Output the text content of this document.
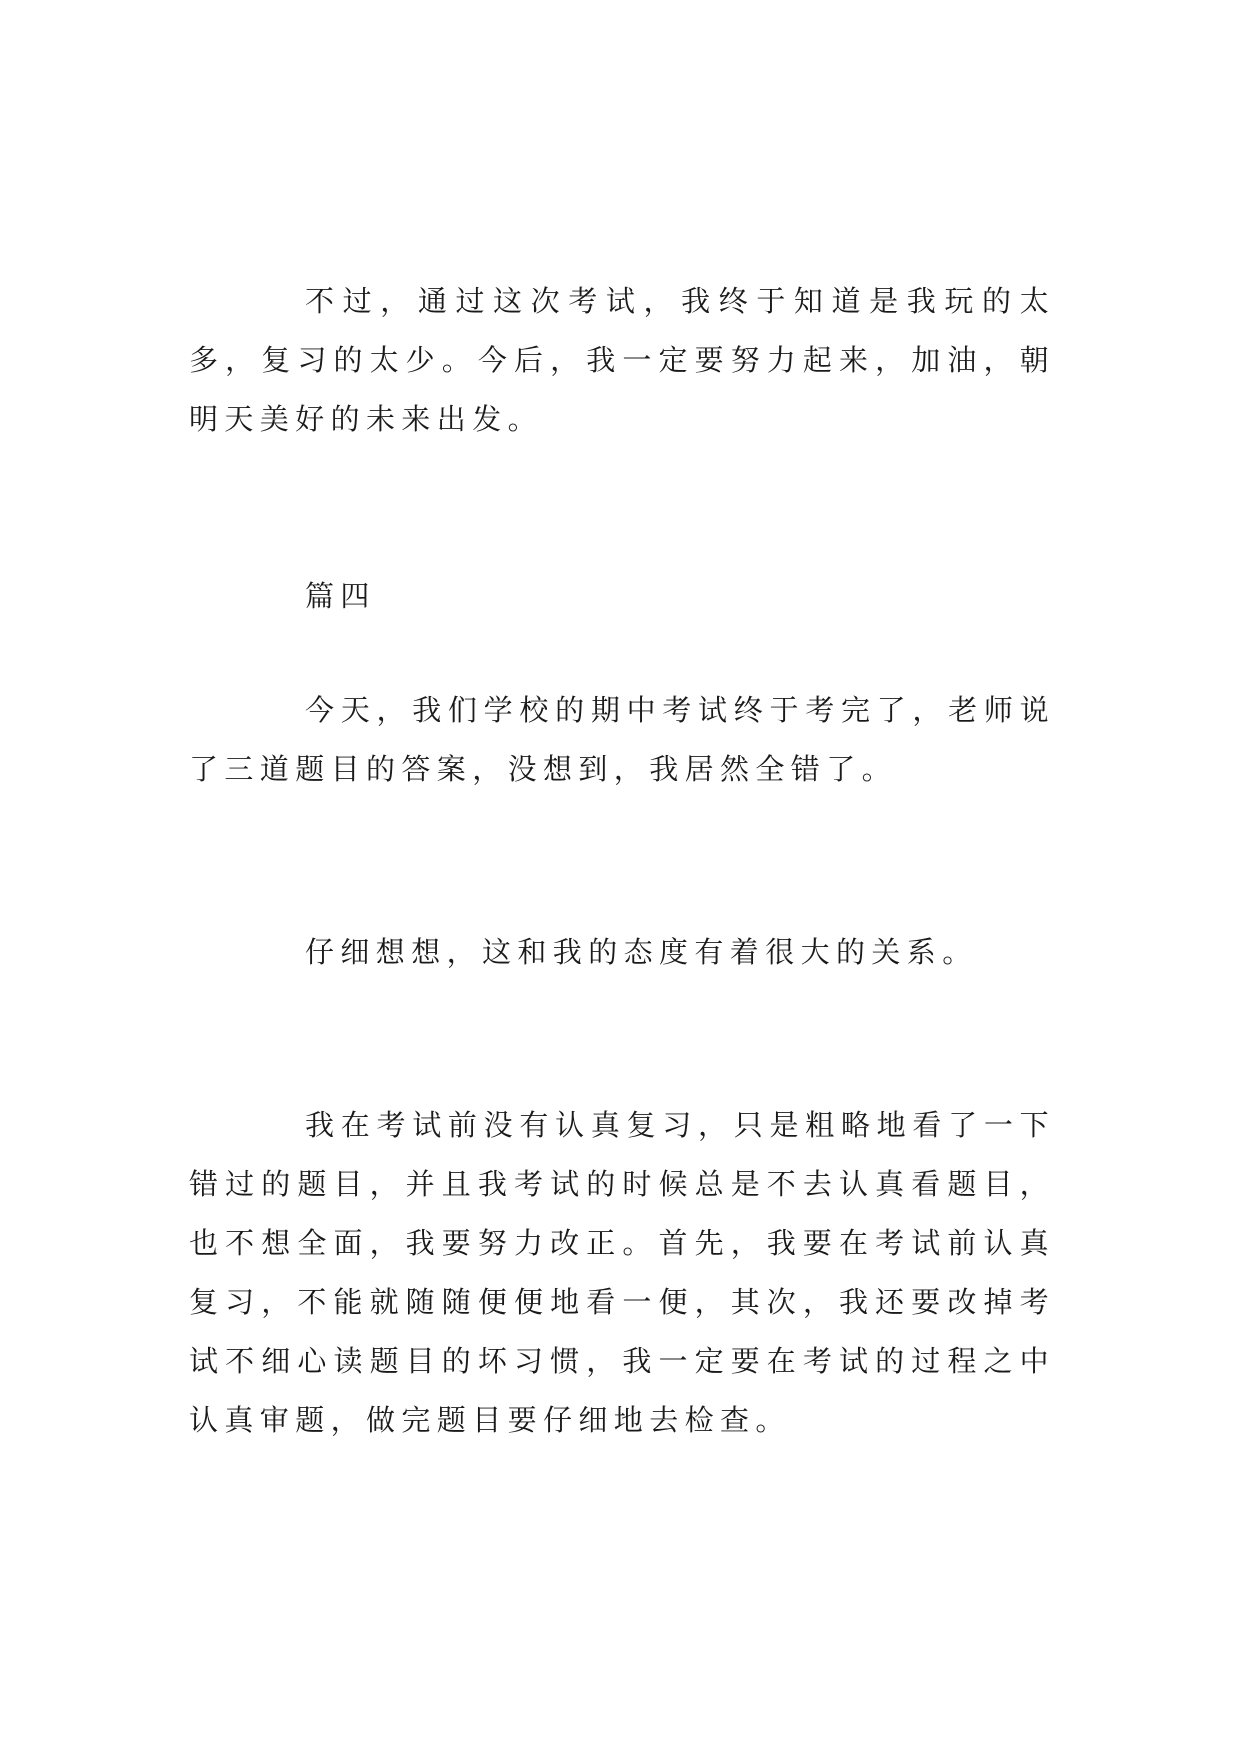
不过，通过这次考试，我终于知道是我玩的太多，复习的太少。今后，我一定要努力起来，加油，朝明天美好的未来出发。

篇四

今天，我们学校的期中考试终于考完了，老师说了三道题目的答案，没想到，我居然全错了。

仔细想想，这和我的态度有着很大的关系。

我在考试前没有认真复习，只是粗略地看了一下错过的题目，并且我考试的时候总是不去认真看题目，也不想全面，我要努力改正。首先，我要在考试前认真复习，不能就随随便便地看一便，其次，我还要改掉考试不细心读题目的坏习惯，我一定要在考试的过程之中认真审题，做完题目要仔细地去检查。
